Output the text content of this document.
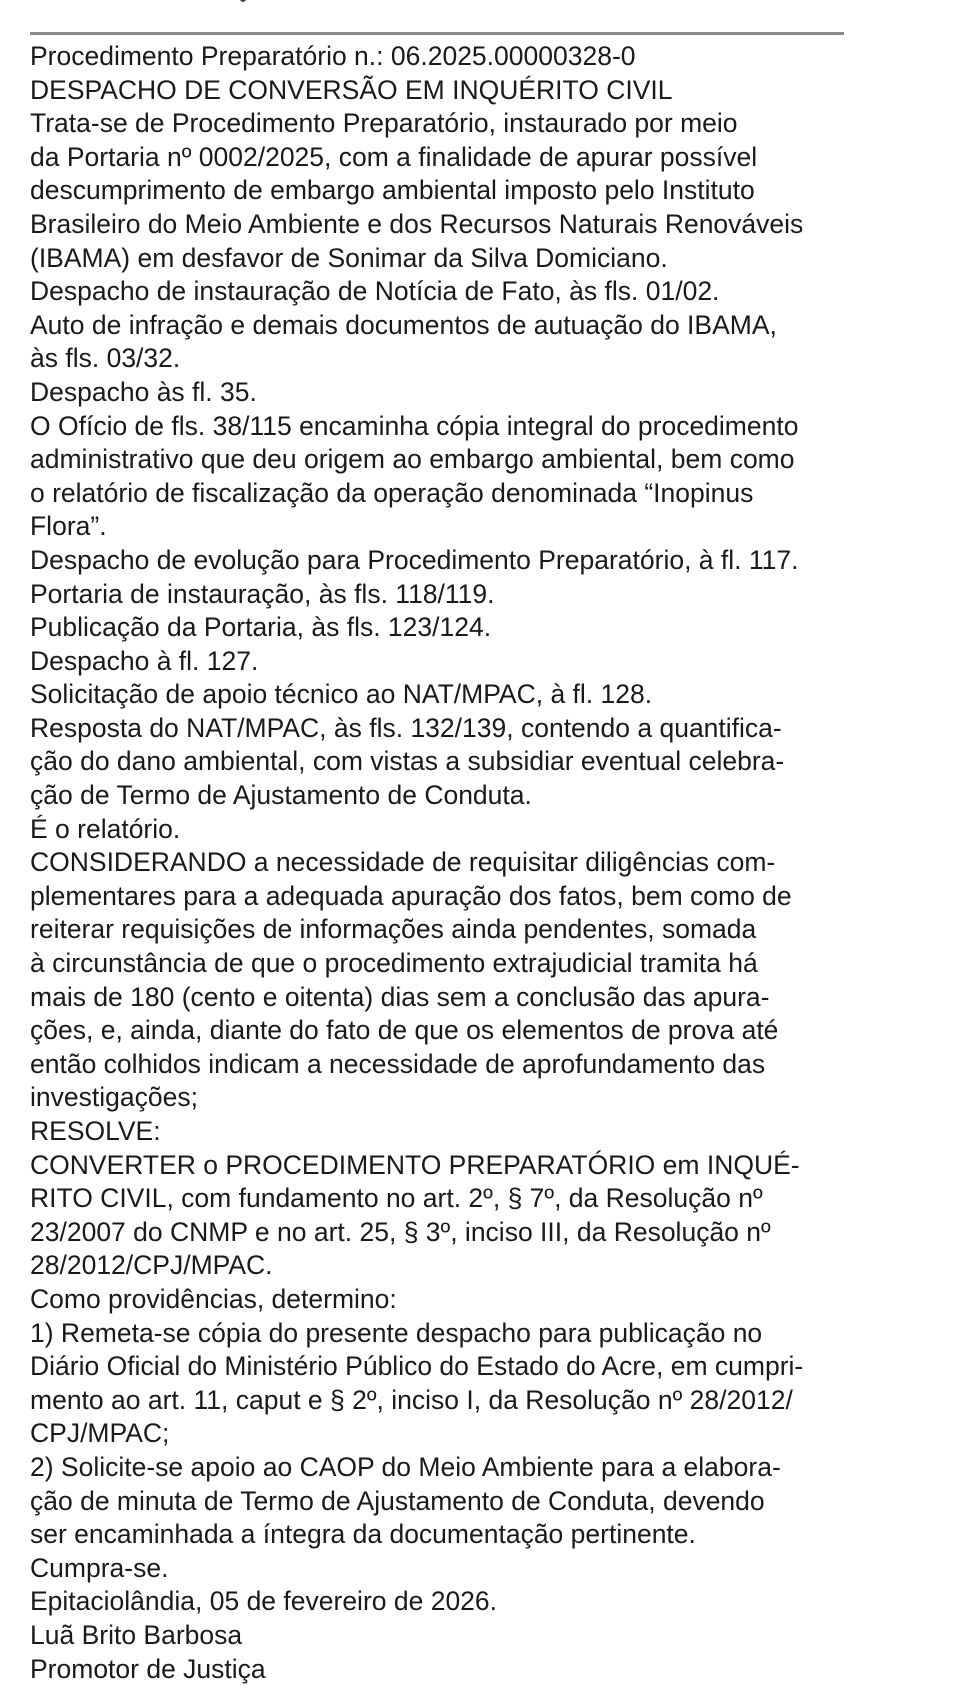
Procedimento Preparatório n.: 06.2025.00000328-0
DESPACHO DE CONVERSÃO EM INQUÉRITO CIVIL
Trata-se de Procedimento Preparatório, instaurado por meio
da Portaria nº 0002/2025, com a finalidade de apurar possível
descumprimento de embargo ambiental imposto pelo Instituto
Brasileiro do Meio Ambiente e dos Recursos Naturais Renováveis
(IBAMA) em desfavor de Sonimar da Silva Domiciano.
Despacho de instauração de Notícia de Fato, às fls. 01/02.
Auto de infração e demais documentos de autuação do IBAMA,
às fls. 03/32.
Despacho às fl. 35.
O Ofício de fls. 38/115 encaminha cópia integral do procedimento
administrativo que deu origem ao embargo ambiental, bem como
o relatório de fiscalização da operação denominada “Inopinus
Flora”.
Despacho de evolução para Procedimento Preparatório, à fl. 117.
Portaria de instauração, às fls. 118/119.
Publicação da Portaria, às fls. 123/124.
Despacho à fl. 127.
Solicitação de apoio técnico ao NAT/MPAC, à fl. 128.
Resposta do NAT/MPAC, às fls. 132/139, contendo a quantifica-
ção do dano ambiental, com vistas a subsidiar eventual celebra-
ção de Termo de Ajustamento de Conduta.
É o relatório.
CONSIDERANDO a necessidade de requisitar diligências com-
plementares para a adequada apuração dos fatos, bem como de
reiterar requisições de informações ainda pendentes, somada
à circunstância de que o procedimento extrajudicial tramita há
mais de 180 (cento e oitenta) dias sem a conclusão das apura-
ções, e, ainda, diante do fato de que os elementos de prova até
então colhidos indicam a necessidade de aprofundamento das
investigações;
RESOLVE:
CONVERTER o PROCEDIMENTO PREPARATÓRIO em INQUÉ-
RITO CIVIL, com fundamento no art. 2º, § 7º, da Resolução nº
23/2007 do CNMP e no art. 25, § 3º, inciso III, da Resolução nº
28/2012/CPJ/MPAC.
Como providências, determino:
1) Remeta-se cópia do presente despacho para publicação no
Diário Oficial do Ministério Público do Estado do Acre, em cumpri-
mento ao art. 11, caput e § 2º, inciso I, da Resolução nº 28/2012/
CPJ/MPAC;
2) Solicite-se apoio ao CAOP do Meio Ambiente para a elabora-
ção de minuta de Termo de Ajustamento de Conduta, devendo
ser encaminhada a íntegra da documentação pertinente.
Cumpra-se.
Epitaciolândia, 05 de fevereiro de 2026.
Luã Brito Barbosa
Promotor de Justiça
